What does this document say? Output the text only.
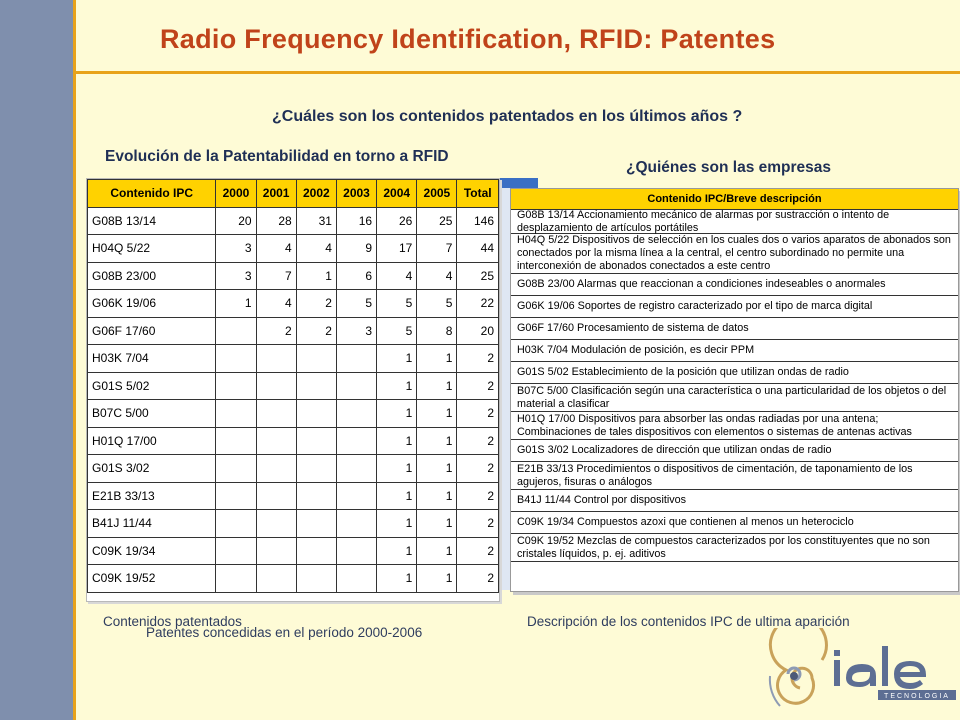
Radio Frequency Identification, RFID: Patentes
¿Cuáles son los contenidos patentados en los últimos años ?
Evolución de la Patentabilidad en torno a RFID
¿Quiénes son las empresas
Contenido IPC	2000	2001	2002	2003	2004	2005	Total
G08B 13/14	20	28	31	16	26	25	146
H04Q 5/22	3	4	4	9	17	7	44
G08B 23/00	3	7	1	6	4	4	25
G06K 19/06	1	4	2	5	5	5	22
G06F 17/60		2	2	3	5	8	20
H03K 7/04					1	1	2
G01S 5/02					1	1	2
B07C 5/00					1	1	2
H01Q 17/00					1	1	2
G01S 3/02					1	1	2
E21B 33/13					1	1	2
B41J 11/44					1	1	2
C09K 19/34					1	1	2
C09K 19/52					1	1	2
Contenido IPC/Breve descripción
G08B 13/14 Accionamiento mecánico de alarmas por sustracción o intento de desplazamiento de artículos portátiles
H04Q 5/22 Dispositivos de selección en los cuales dos o varios aparatos de abonados son conectados por la misma línea a la central, el centro subordinado no permite una interconexión de abonados conectados a este centro
G08B 23/00 Alarmas que reaccionan a condiciones indeseables o anormales
G06K 19/06 Soportes de registro caracterizado por el tipo de marca digital
G06F 17/60 Procesamiento de sistema de datos
H03K 7/04 Modulación de posición, es decir PPM
G01S 5/02 Establecimiento de la posición que utilizan ondas de radio
B07C 5/00 Clasificación según una característica o una particularidad de los objetos o del material a clasificar
H01Q 17/00 Dispositivos para absorber las ondas radiadas por una antena; Combinaciones de tales dispositivos con elementos o sistemas de antenas activas
G01S 3/02 Localizadores de dirección que utilizan ondas de radio
E21B 33/13 Procedimientos o dispositivos de cimentación, de taponamiento de los agujeros, fisuras o análogos
B41J 11/44 Control por dispositivos
C09K 19/34 Compuestos azoxi que contienen al menos un heterociclo
C09K 19/52 Mezclas de compuestos caracterizados por los constituyentes que no son cristales líquidos, p. ej. aditivos
Contenidos patentados
Patentes concedidas en el período 2000-2006
Descripción de los contenidos IPC de ultima aparición
TECNOLOGIA
